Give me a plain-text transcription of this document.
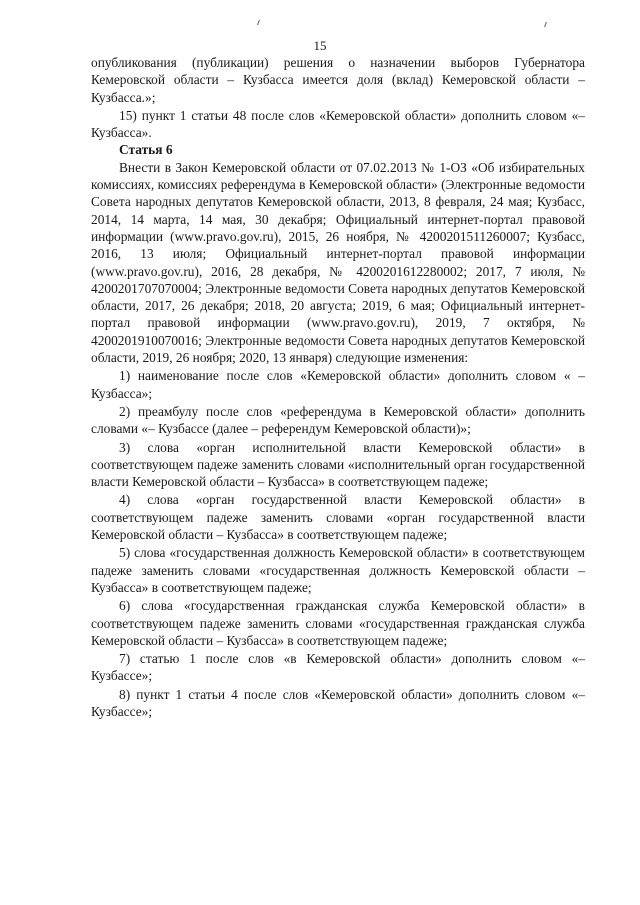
15

опубликования (публикации) решения о назначении выборов Губернатора Кемеровской области – Кузбасса имеется доля (вклад) Кемеровской области – Кузбасса.»;

15) пункт 1 статьи 48 после слов «Кемеровской области» дополнить словом «– Кузбасса».

Статья 6

Внести в Закон Кемеровской области от 07.02.2013 № 1-ОЗ «Об избирательных комиссиях, комиссиях референдума в Кемеровской области» (Электронные ведомости Совета народных депутатов Кемеровской области, 2013, 8 февраля, 24 мая; Кузбасс, 2014, 14 марта, 14 мая, 30 декабря; Официальный интернет-портал правовой информации (www.pravo.gov.ru), 2015, 26 ноября, № 4200201511260007; Кузбасс, 2016, 13 июля; Официальный интернет-портал правовой информации (www.pravo.gov.ru), 2016, 28 декабря, № 4200201612280002; 2017, 7 июля, № 4200201707070004; Электронные ведомости Совета народных депутатов Кемеровской области, 2017, 26 декабря; 2018, 20 августа; 2019, 6 мая; Официальный интернет-портал правовой информации (www.pravo.gov.ru), 2019, 7 октября, № 4200201910070016; Электронные ведомости Совета народных депутатов Кемеровской области, 2019, 26 ноября; 2020, 13 января) следующие изменения:

1) наименование после слов «Кемеровской области» дополнить словом « – Кузбасса»;

2) преамбулу после слов «референдума в Кемеровской области» дополнить словами «– Кузбассе (далее – референдум Кемеровской области)»;

3) слова «орган исполнительной власти Кемеровской области» в соответствующем падеже заменить словами «исполнительный орган государственной власти Кемеровской области – Кузбасса» в соответствующем падеже;

4) слова «орган государственной власти Кемеровской области» в соответствующем падеже заменить словами «орган государственной власти Кемеровской области – Кузбасса» в соответствующем падеже;

5) слова «государственная должность Кемеровской области» в соответствующем падеже заменить словами «государственная должность Кемеровской области – Кузбасса» в соответствующем падеже;

6) слова «государственная гражданская служба Кемеровской области» в соответствующем падеже заменить словами «государственная гражданская служба Кемеровской области – Кузбасса» в соответствующем падеже;

7) статью 1 после слов «в Кемеровской области» дополнить словом «– Кузбассе»;

8) пункт 1 статьи 4 после слов «Кемеровской области» дополнить словом «– Кузбассе»;
